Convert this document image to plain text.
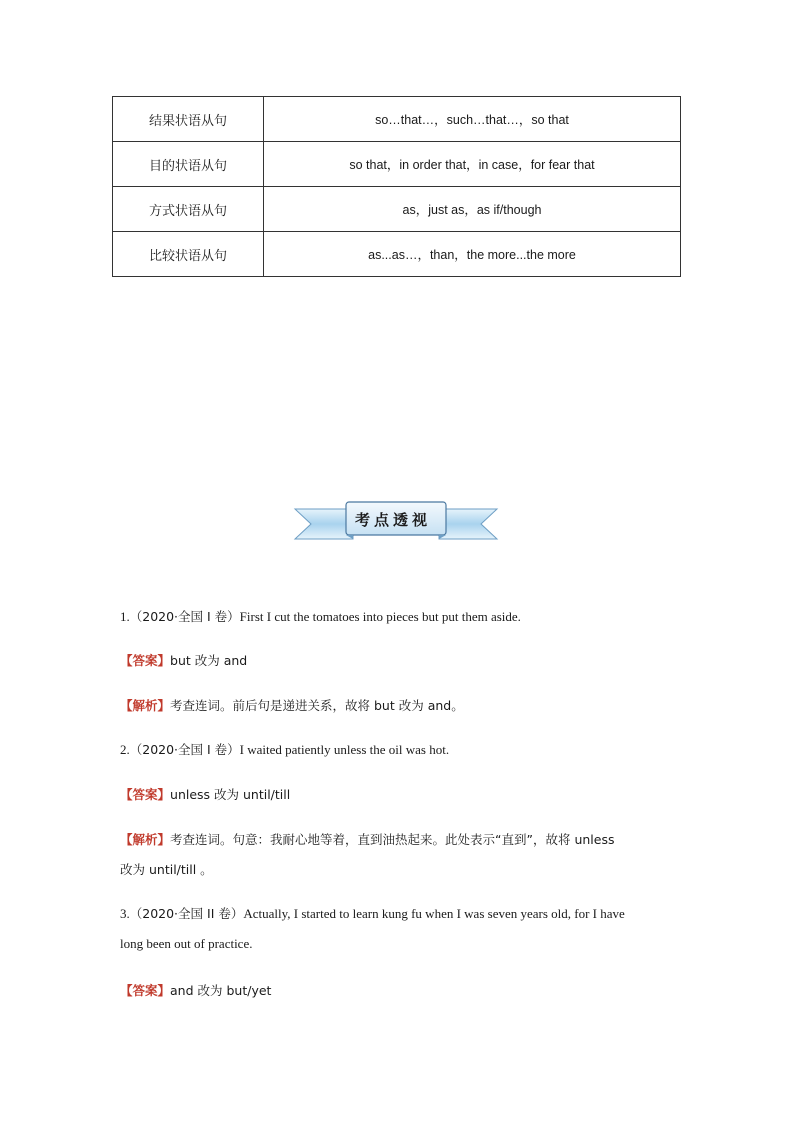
结果状语从句	so…that…，such…that…，so that
目的状语从句	so that，in order that，in case，for fear that
方式状语从句	as，just as，as if/though
比较状语从句	as...as…，than，the more...the more
考点透视
1.（2020·全国 I 卷）First I cut the tomatoes into pieces but put them aside.
【答案】but 改为 and
【解析】考查连词。前后句是递进关系，故将 but 改为 and。
2.（2020·全国 I 卷）I waited patiently unless the oil was hot.
【答案】unless 改为 until/till
【解析】考查连词。句意：我耐心地等着，直到油热起来。此处表示“直到”，故将 unless
改为 until/till 。
3.（2020·全国 II 卷）Actually, I started to learn kung fu when I was seven years old, for I have
long been out of practice.
【答案】and 改为 but/yet
